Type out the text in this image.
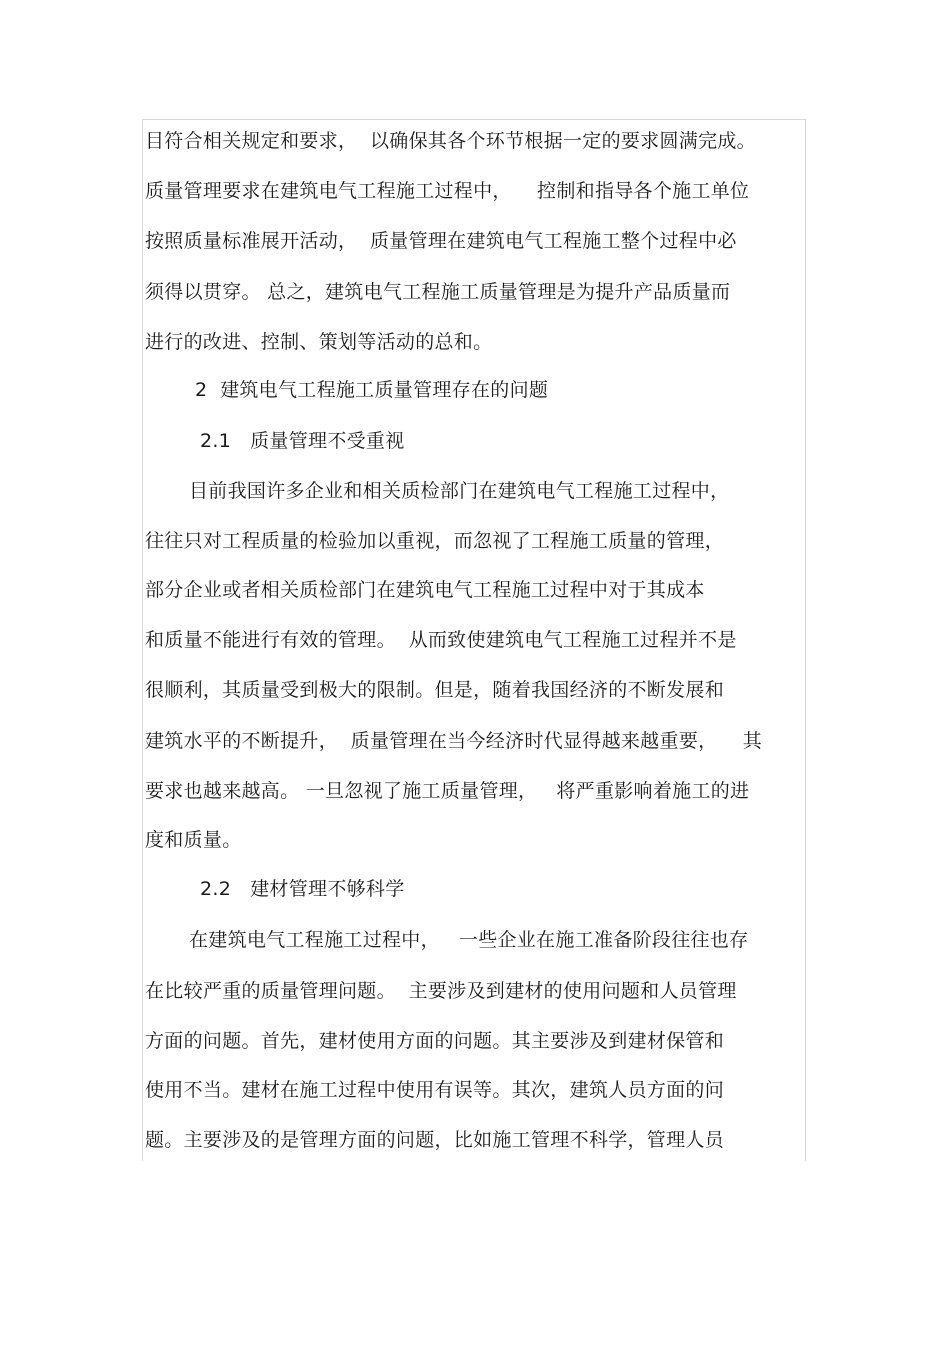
目符合相关规定和要求，  以确保其各个环节根据一定的要求圆满完成。
质量管理要求在建筑电气工程施工过程中，    控制和指导各个施工单位
按照质量标准展开活动，  质量管理在建筑电气工程施工整个过程中必
须得以贯穿。 总之，建筑电气工程施工质量管理是为提升产品质量而
进行的改进、控制、策划等活动的总和。
2  建筑电气工程施工质量管理存在的问题
2.1   质量管理不受重视
目前我国许多企业和相关质检部门在建筑电气工程施工过程中，
往往只对工程质量的检验加以重视，而忽视了工程施工质量的管理，
部分企业或者相关质检部门在建筑电气工程施工过程中对于其成本
和质量不能进行有效的管理。  从而致使建筑电气工程施工过程并不是
很顺利，其质量受到极大的限制。但是，随着我国经济的不断发展和
建筑水平的不断提升，  质量管理在当今经济时代显得越来越重要，    其
要求也越来越高。 一旦忽视了施工质量管理，   将严重影响着施工的进
度和质量。
2.2   建材管理不够科学
在建筑电气工程施工过程中，   一些企业在施工准备阶段往往也存
在比较严重的质量管理问题。  主要涉及到建材的使用问题和人员管理
方面的问题。首先，建材使用方面的问题。其主要涉及到建材保管和
使用不当。建材在施工过程中使用有误等。其次，建筑人员方面的问
题。主要涉及的是管理方面的问题，比如施工管理不科学，管理人员
